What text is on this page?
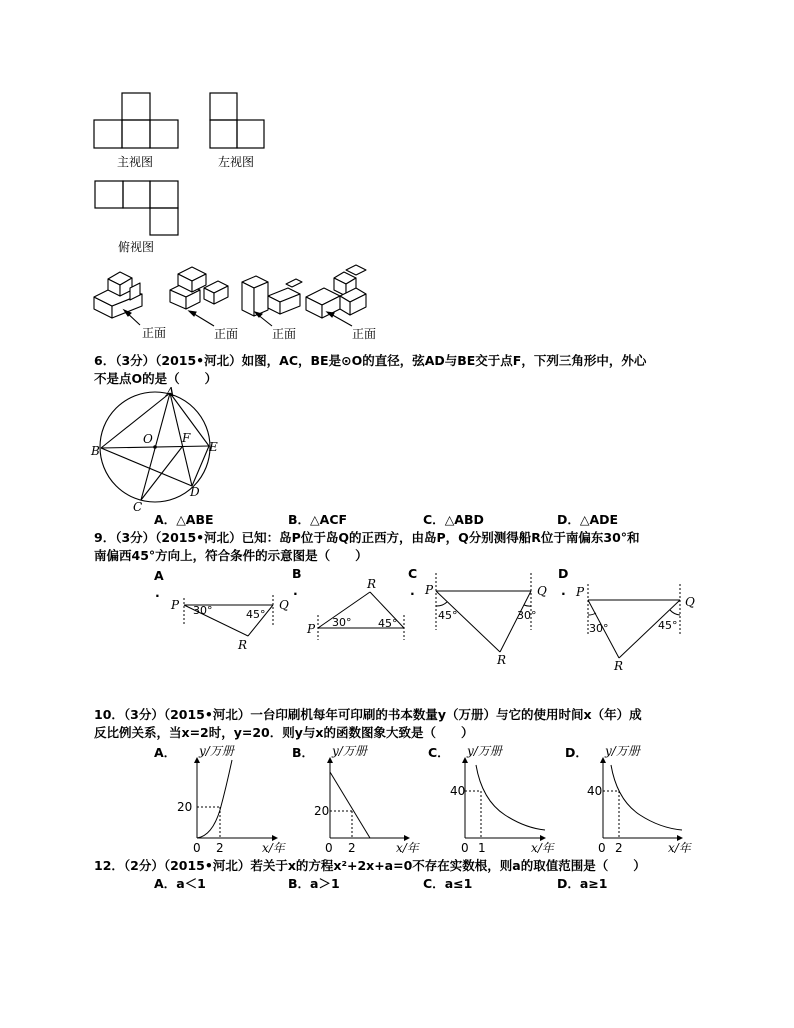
主视图	左视图
俯视图
正面	正面	正面	正面
6．（3分）（2015•河北）如图，AC，BE是⊙O的直径，弦AD与BE交于点F，下列三角形中，外心
不是点O的是（　　）
A
B
C
D
E
F
O
A．△ABE	B．△ACF	C．△ABD	D．△ADE
9．（3分）（2015•河北）已知：岛P位于岛Q的正西方，由岛P，Q分别测得船R位于南偏东30°和
南偏西45°方向上，符合条件的示意图是（　　）
A
.
B
.
C
.
D
.
P	Q
R
30°	45°
P
R
30° 45°
P	Q
R
45°	30°
P
Q
R
30°	45°
10．（3分）（2015•河北）一台印刷机每年可印刷的书本数量y（万册）与它的使用时间x（年）成
反比例关系，当x=2时，y=20．则y与x的函数图象大致是（　　）
A．	B．	C．	D．
y/万册
x/年
0 2
20
y/万册
x/年
0 2
20
y/万册
x/年
0 1
40
y/万册
x/年
0 2
40
12．（2分）（2015•河北）若关于x的方程x²+2x+a=0不存在实数根，则a的取值范围是（　　）
A．a＜1	B．a＞1	C．a≤1	D．a≥1
